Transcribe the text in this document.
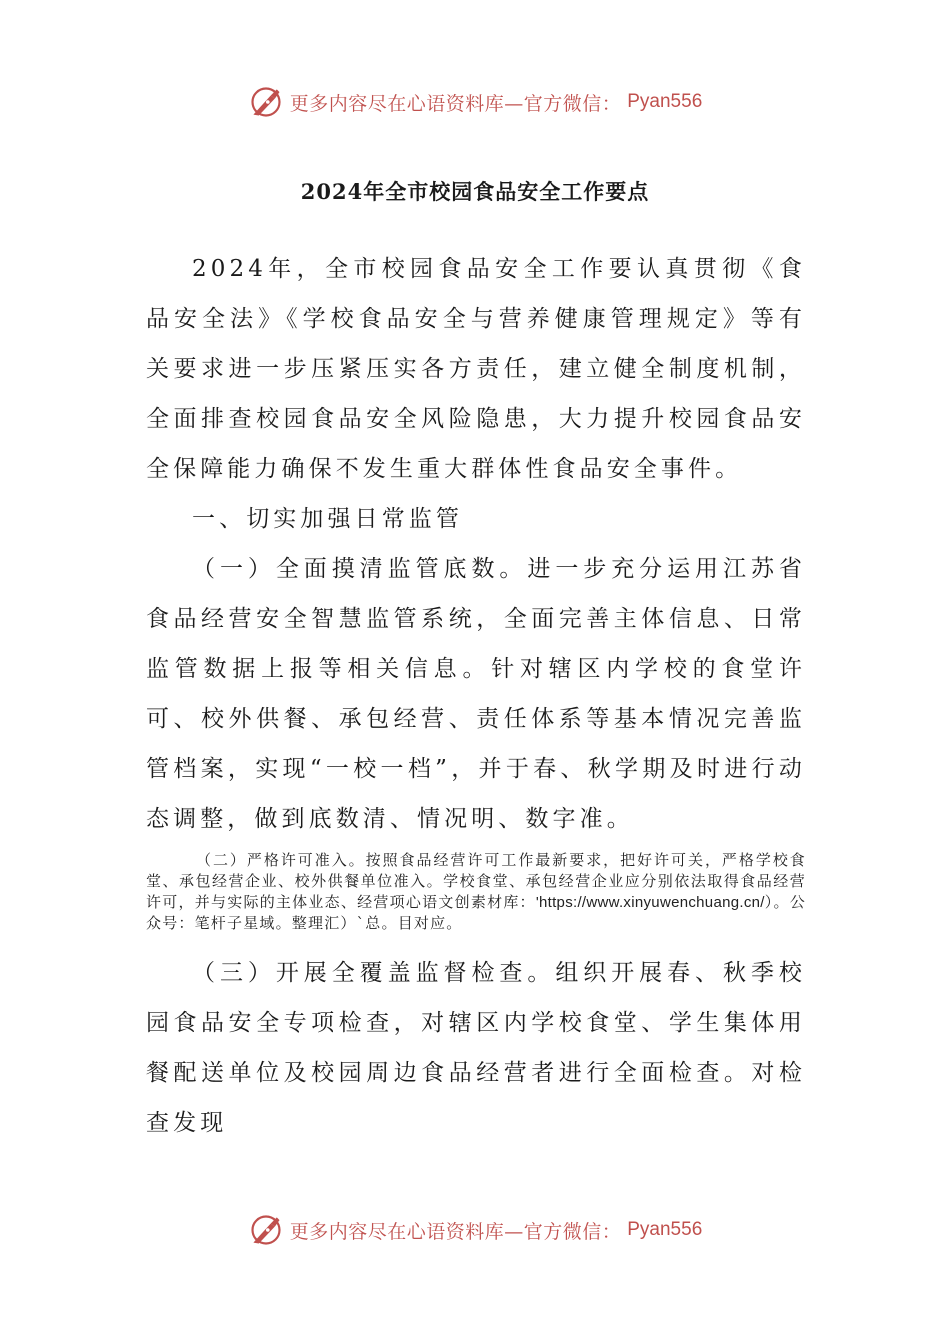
更多内容尽在心语资料库—官方微信： Pyan556
2024年全市校园食品安全工作要点

2024年，全市校园食品安全工作要认真贯彻《食品安全法》《学校食品安全与营养健康管理规定》等有关要求进一步压紧压实各方责任，建立健全制度机制，全面排查校园食品安全风险隐患，大力提升校园食品安全保障能力确保不发生重大群体性食品安全事件。

一、切实加强日常监管

（一）全面摸清监管底数。进一步充分运用江苏省食品经营安全智慧监管系统，全面完善主体信息、日常监管数据上报等相关信息。针对辖区内学校的食堂许可、校外供餐、承包经营、责任体系等基本情况完善监管档案，实现“一校一档”，并于春、秋学期及时进行动态调整，做到底数清、情况明、数字准。

（二）严格许可准入。按照食品经营许可工作最新要求，把好许可关，严格学校食堂、承包经营企业、校外供餐单位准入。学校食堂、承包经营企业应分别依法取得食品经营许可，并与实际的主体业态、经营项心语文创素材库：'https://www.xinyuwenchuang.cn/）。公众号：笔杆子星域。整理汇）`总。目对应。

（三）开展全覆盖监督检查。组织开展春、秋季校园食品安全专项检查，对辖区内学校食堂、学生集体用餐配送单位及校园周边食品经营者进行全面检查。对检查发现

更多内容尽在心语资料库—官方微信： Pyan556
